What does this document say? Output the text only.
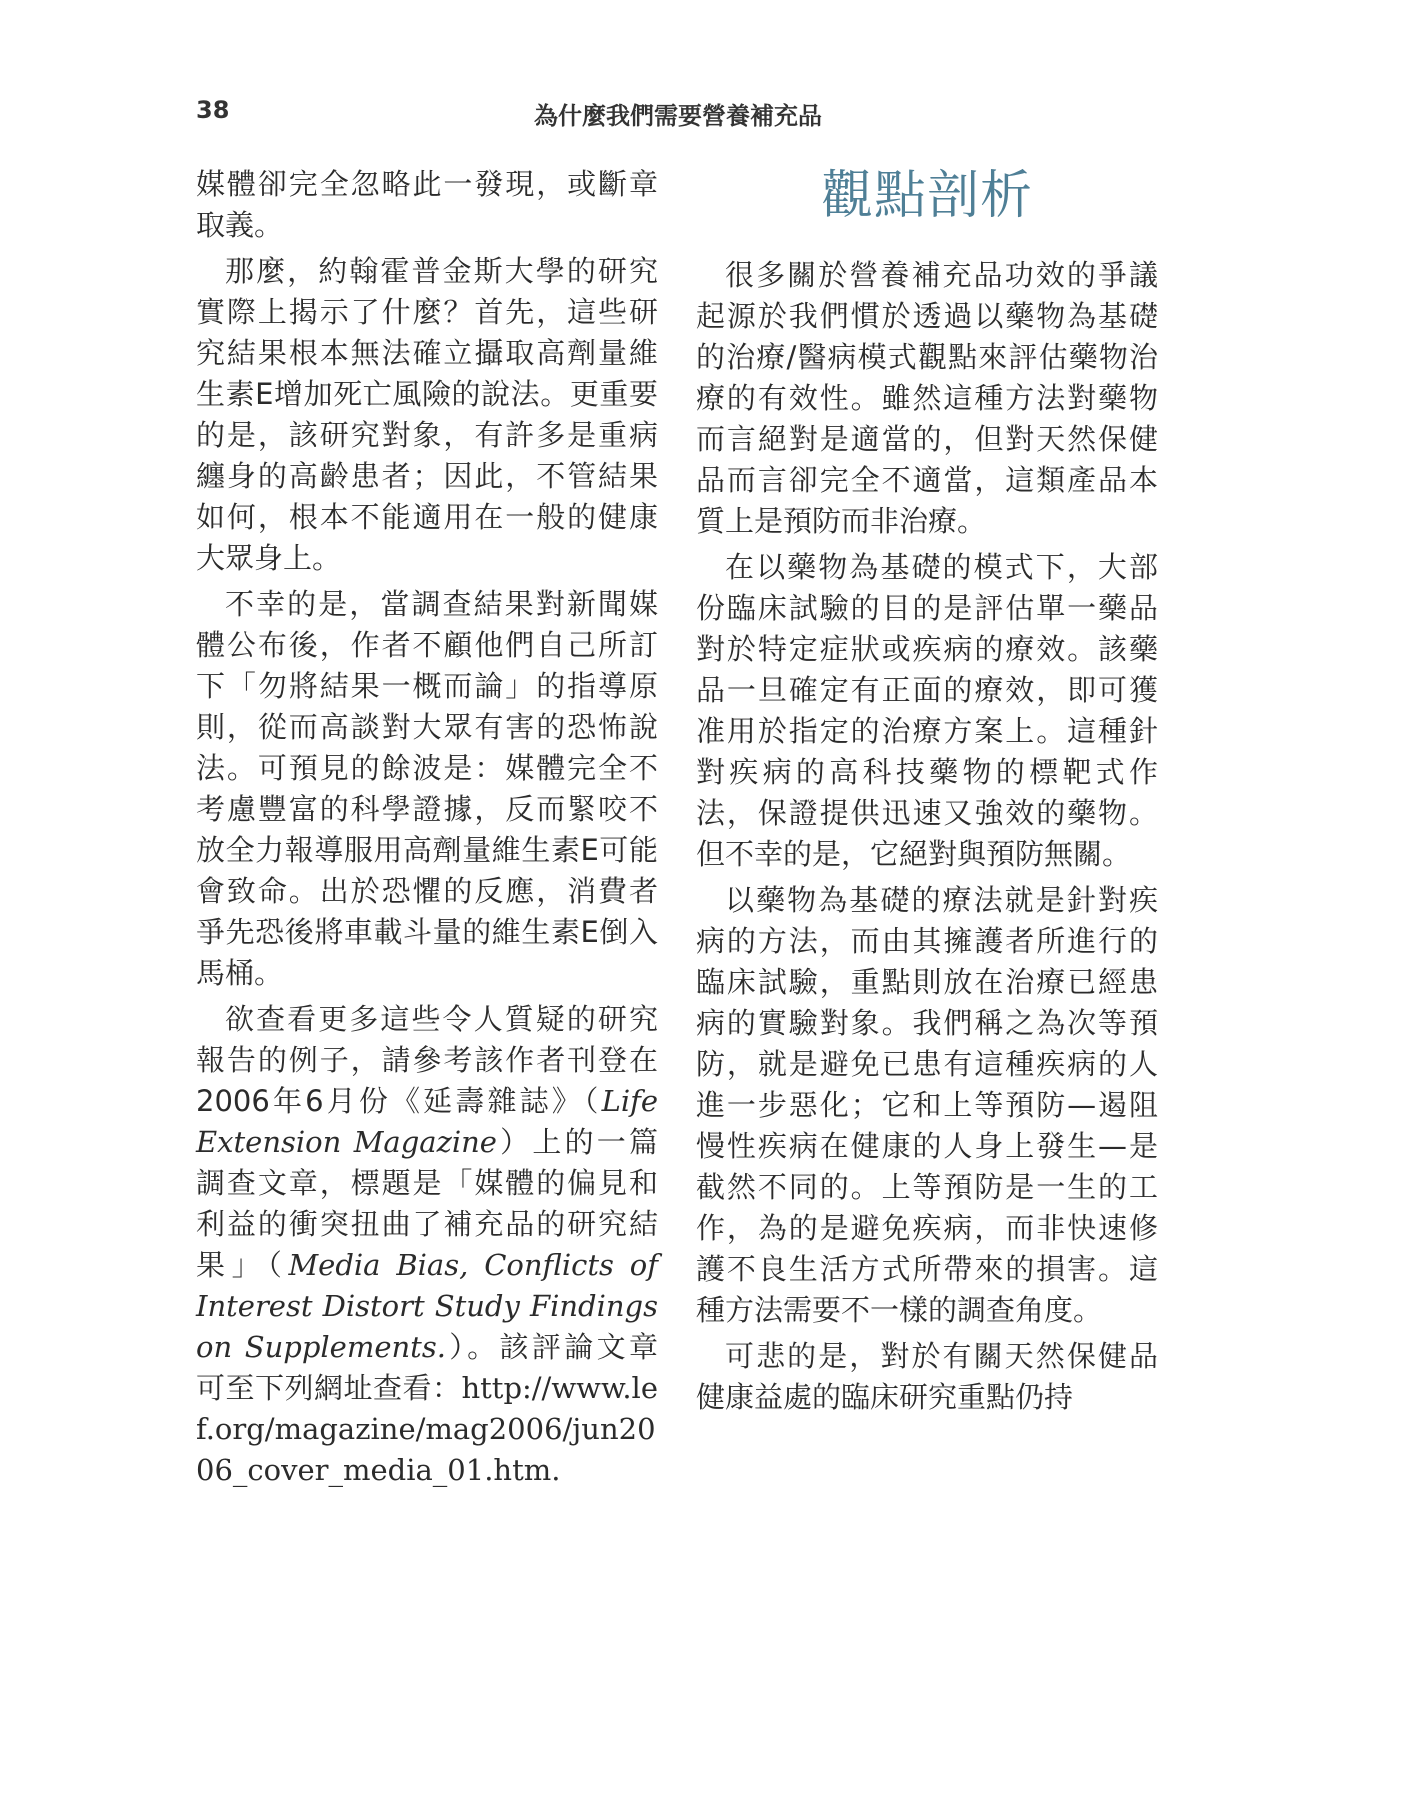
38	為什麼我們需要營養補充品

媒體卻完全忽略此一發現，或斷章取義。

那麼，約翰霍普金斯大學的研究實際上揭示了什麼？首先，這些研究結果根本無法確立攝取高劑量維生素E增加死亡風險的說法。更重要的是，該研究對象，有許多是重病纏身的高齡患者；因此，不管結果如何，根本不能適用在一般的健康大眾身上。

不幸的是，當調查結果對新聞媒體公布後，作者不顧他們自己所訂下「勿將結果一概而論」的指導原則，從而高談對大眾有害的恐怖說法。可預見的餘波是：媒體完全不考慮豐富的科學證據，反而緊咬不放全力報導服用高劑量維生素E可能會致命。出於恐懼的反應，消費者爭先恐後將車載斗量的維生素E倒入馬桶。

欲查看更多這些令人質疑的研究報告的例子，請參考該作者刊登在2006年6月份《延壽雜誌》（Life Extension Magazine）上的一篇調查文章，標題是「媒體的偏見和利益的衝突扭曲了補充品的研究結果」（Media Bias, Conflicts of Interest Distort Study Findings on Supplements.）。該評論文章可至下列網址查看：http://www.lef.org/magazine/mag2006/jun2006_cover_media_01.htm.

觀點剖析

很多關於營養補充品功效的爭議起源於我們慣於透過以藥物為基礎的治療/醫病模式觀點來評估藥物治療的有效性。雖然這種方法對藥物而言絕對是適當的，但對天然保健品而言卻完全不適當，這類產品本質上是預防而非治療。

在以藥物為基礎的模式下，大部份臨床試驗的目的是評估單一藥品對於特定症狀或疾病的療效。該藥品一旦確定有正面的療效，即可獲准用於指定的治療方案上。這種針對疾病的高科技藥物的標靶式作法，保證提供迅速又強效的藥物。但不幸的是，它絕對與預防無關。

以藥物為基礎的療法就是針對疾病的方法，而由其擁護者所進行的臨床試驗，重點則放在治療已經患病的實驗對象。我們稱之為次等預防，就是避免已患有這種疾病的人進一步惡化；它和上等預防—遏阻慢性疾病在健康的人身上發生—是截然不同的。上等預防是一生的工作，為的是避免疾病，而非快速修護不良生活方式所帶來的損害。這種方法需要不一樣的調查角度。

可悲的是，對於有關天然保健品健康益處的臨床研究重點仍持
